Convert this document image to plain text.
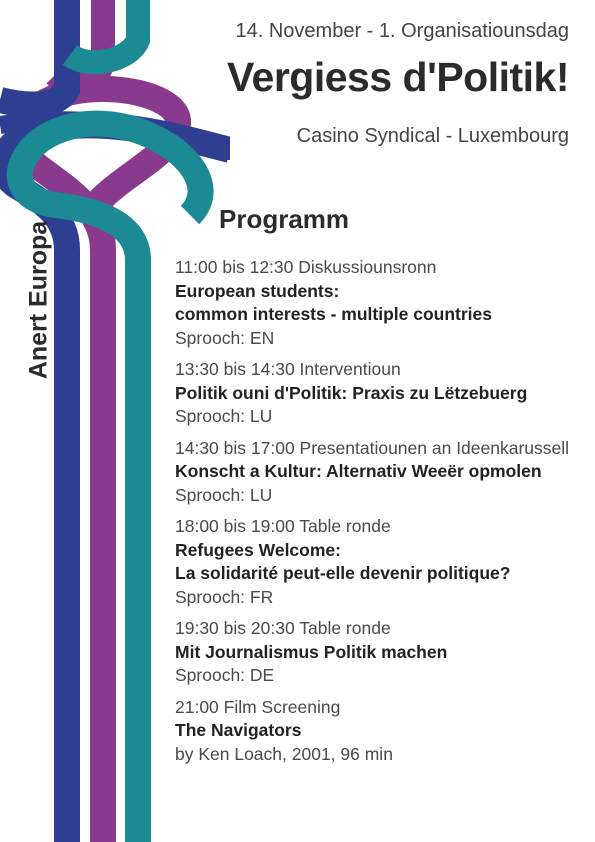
14. November - 1. Organisatiounsdag
Vergiess d'Politik!
Casino Syndical - Luxembourg
Anert Europa
Programm
11:00 bis 12:30 Diskussiounsronn
European students:
common interests - multiple countries
Sprooch: EN
13:30 bis 14:30 Interventioun
Politik ouni d'Politik: Praxis zu Lëtzebuerg
Sprooch: LU
14:30 bis 17:00 Presentatiounen an Ideenkarussell
Konscht a Kultur: Alternativ Weeër opmolen
Sprooch: LU
18:00 bis 19:00 Table ronde
Refugees Welcome:
La solidarité peut-elle devenir politique?
Sprooch: FR
19:30 bis 20:30 Table ronde
Mit Journalismus Politik machen
Sprooch: DE
21:00 Film Screening
The Navigators
by Ken Loach, 2001, 96 min
